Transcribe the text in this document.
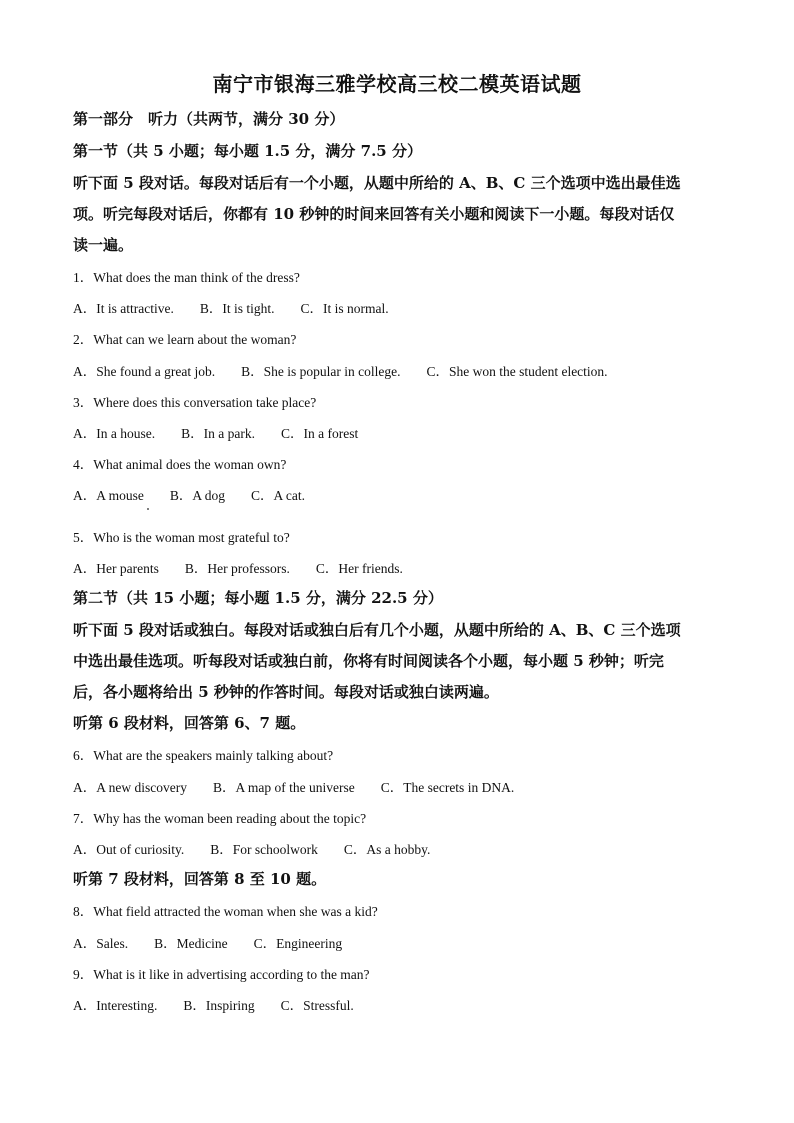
南宁市银海三雅学校高三校二模英语试题
第一部分　听力（共两节，满分 30 分）
第一节（共 5 小题；每小题 1.5 分，满分 7.5 分）
听下面 5 段对话。每段对话后有一个小题，从题中所给的 A、B、C 三个选项中选出最佳选
项。听完每段对话后，你都有 10 秒钟的时间来回答有关小题和阅读下一小题。每段对话仅
读一遍。
1．What does the man think of the dress?
A．It is attractive. B．It is tight. C．It is normal.
2．What can we learn about the woman?
A．She found a great job. B．She is popular in college. C．She won the student election.
3．Where does this conversation take place?
A．In a house. B．In a park. C．In a forest
4．What animal does the woman own?
A．A mouse B．A dog C．A cat.
5．Who is the woman most grateful to?
A．Her parents B．Her professors. C．Her friends.
第二节（共 15 小题；每小题 1.5 分，满分 22.5 分）
听下面 5 段对话或独白。每段对话或独白后有几个小题，从题中所给的 A、B、C 三个选项
中选出最佳选项。听每段对话或独白前，你将有时间阅读各个小题，每小题 5 秒钟；听完
后，各小题将给出 5 秒钟的作答时间。每段对话或独白读两遍。
听第 6 段材料，回答第 6、7 题。
6．What are the speakers mainly talking about?
A．A new discovery B．A map of the universe C．The secrets in DNA.
7．Why has the woman been reading about the topic?
A．Out of curiosity. B．For schoolwork C．As a hobby.
听第 7 段材料，回答第 8 至 10 题。
8．What field attracted the woman when she was a kid?
A．Sales. B．Medicine C．Engineering
9．What is it like in advertising according to the man?
A．Interesting. B．Inspiring C．Stressful.
